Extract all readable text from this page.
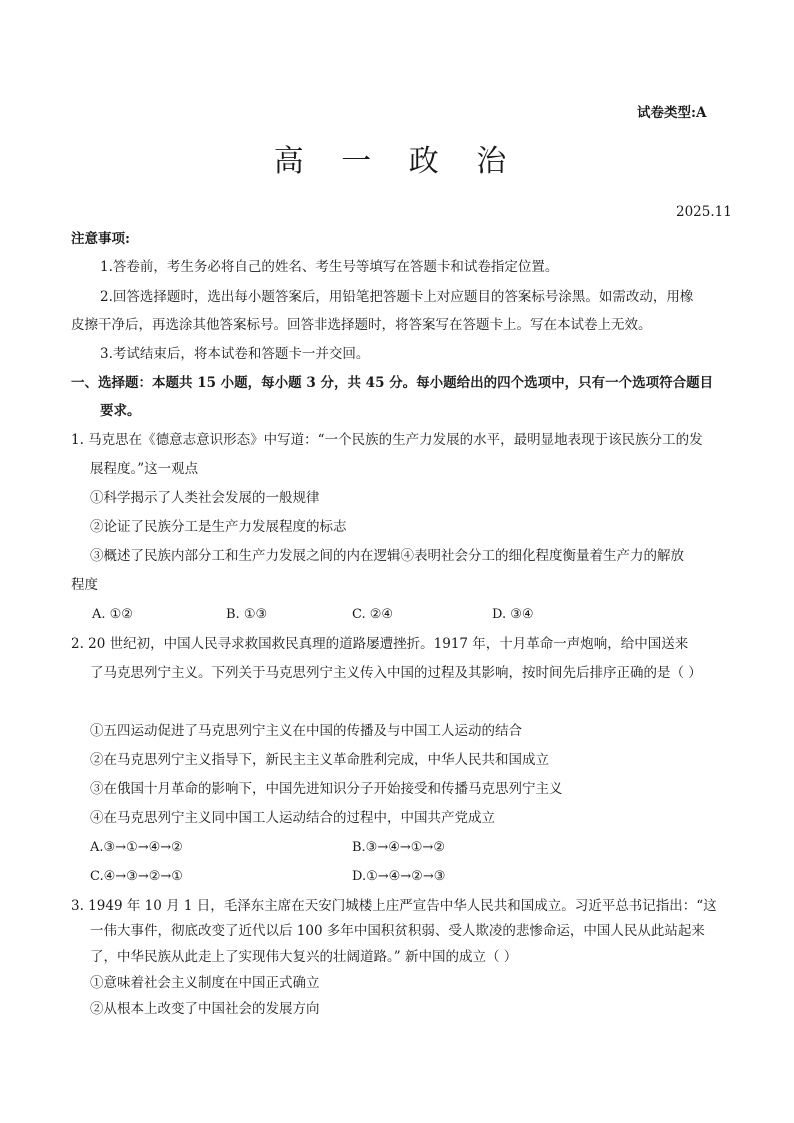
试卷类型:A
高 一 政 治
2025.11
注意事项:
1.答卷前，考生务必将自己的姓名、考生号等填写在答题卡和试卷指定位置。
2.回答选择题时，选出每小题答案后，用铅笔把答题卡上对应题目的答案标号涂黑。如需改动，用橡
皮擦干净后，再选涂其他答案标号。回答非选择题时，将答案写在答题卡上。写在本试卷上无效。
3.考试结束后，将本试卷和答题卡一并交回。
一、选择题：本题共 15 小题，每小题 3 分，共 45 分。每小题给出的四个选项中，只有一个选项符合题目
要求。
1. 马克思在《德意志意识形态》中写道：“一个民族的生产力发展的水平，最明显地表现于该民族分工的发
展程度。”这一观点
①科学揭示了人类社会发展的一般规律
②论证了民族分工是生产力发展程度的标志
③概述了民族内部分工和生产力发展之间的内在逻辑④表明社会分工的细化程度衡量着生产力的解放
程度
A. ①②	B. ①③	C. ②④	D. ③④
2. 20 世纪初，中国人民寻求救国救民真理的道路屡遭挫折。1917 年，十月革命一声炮响，给中国送来
了马克思列宁主义。下列关于马克思列宁主义传入中国的过程及其影响，按时间先后排序正确的是（ ）
①五四运动促进了马克思列宁主义在中国的传播及与中国工人运动的结合
②在马克思列宁主义指导下，新民主主义革命胜利完成，中华人民共和国成立
③在俄国十月革命的影响下，中国先进知识分子开始接受和传播马克思列宁主义
④在马克思列宁主义同中国工人运动结合的过程中，中国共产党成立
A.③→①→④→②	B.③→④→①→②
C.④→③→②→①	D.①→④→②→③
3. 1949 年 10 月 1 日，毛泽东主席在天安门城楼上庄严宣告中华人民共和国成立。习近平总书记指出：“这
一伟大事件，彻底改变了近代以后 100 多年中国积贫积弱、受人欺凌的悲惨命运，中国人民从此站起来
了，中华民族从此走上了实现伟大复兴的壮阔道路。” 新中国的成立（ ）
①意味着社会主义制度在中国正式确立
②从根本上改变了中国社会的发展方向
